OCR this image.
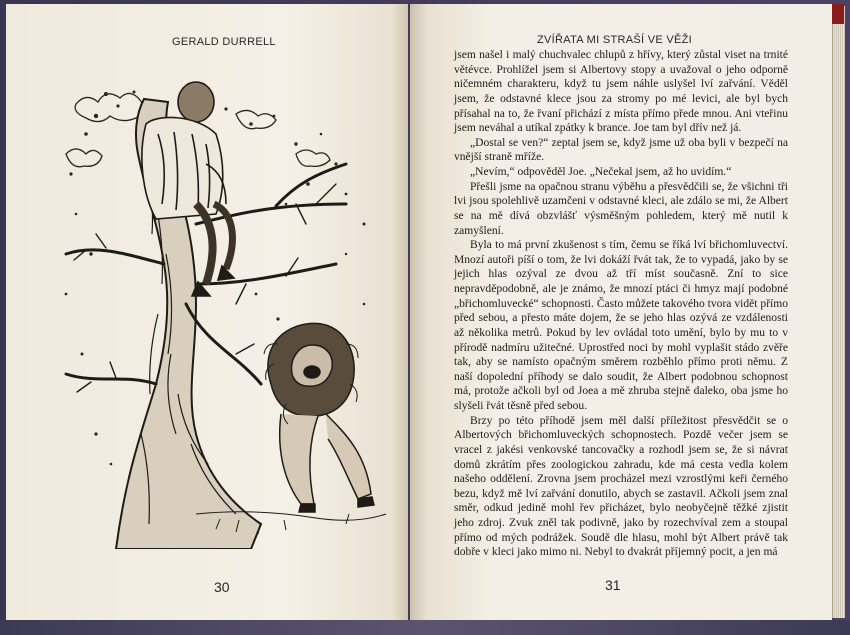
GERALD DURRELL

30

ZVÍŘATA MI STRAŠÍ VE VĚŽI

jsem našel i malý chuchvalec chlupů z hřívy, který zůstal viset na trnité větévce. Prohlížel jsem si Albertovy stopy a uvažoval o jeho odporně ničemném charakteru, když tu jsem náhle uslyšel lví zařvání. Věděl jsem, že odstavné klece jsou za stromy po mé levici, ale byl bych přísahal na to, že řvaní přichází z místa přímo přede mnou. Ani vteřinu jsem neváhal a utíkal zpátky k brance. Joe tam byl dřív než já.

„Dostal se ven?“ zeptal jsem se, když jsme už oba byli v bezpečí na vnější straně mříže.

„Nevím,“ odpověděl Joe. „Nečekal jsem, až ho uvidím.“

Přešli jsme na opačnou stranu výběhu a přesvědčili se, že všichni tři lvi jsou spolehlivě uzamčeni v odstavné kleci, ale zdálo se mi, že Albert se na mě dívá obzvlášť výsměšným pohledem, který mě nutil k zamyšlení.

Byla to má první zkušenost s tím, čemu se říká lví břichomluvectví. Mnozí autoři píší o tom, že lvi dokáží řvát tak, že to vypadá, jako by se jejich hlas ozýval ze dvou až tří míst současně. Zní to sice nepravděpodobně, ale je známo, že mnozí ptáci či hmyz mají podobné „břichomluvecké“ schopnosti. Často můžete takového tvora vidět přímo před sebou, a přesto máte dojem, že se jeho hlas ozývá ze vzdálenosti až několika metrů. Pokud by lev ovládal toto umění, bylo by mu to v přírodě nadmíru užitečné. Uprostřed noci by mohl vyplašit stádo zvěře tak, aby se namísto opačným směrem rozběhlo přímo proti němu. Z naší dopolední příhody se dalo soudit, že Albert podobnou schopnost má, protože ačkoli byl od Joea a mě zhruba stejně daleko, oba jsme ho slyšeli řvát těsně před sebou.

Brzy po této příhodě jsem měl další příležitost přesvědčit se o Albertových břichomluveckých schopnostech. Pozdě večer jsem se vracel z jakési venkovské tancovačky a rozhodl jsem se, že si návrat domů zkrátím přes zoologickou zahradu, kde má cesta vedla kolem našeho oddělení. Zrovna jsem procházel mezi vzrostlými keři černého bezu, když mě lví zařvání donutilo, abych se zastavil. Ačkoli jsem znal směr, odkud jedině mohl řev přicházet, bylo neobyčejně těžké zjistit jeho zdroj. Zvuk zněl tak podivně, jako by rozechvíval zem a stoupal přímo od mých podrážek. Soudě dle hlasu, mohl být Albert právě tak dobře v kleci jako mimo ni. Nebyl to dvakrát příjemný pocit, a jen má

31
